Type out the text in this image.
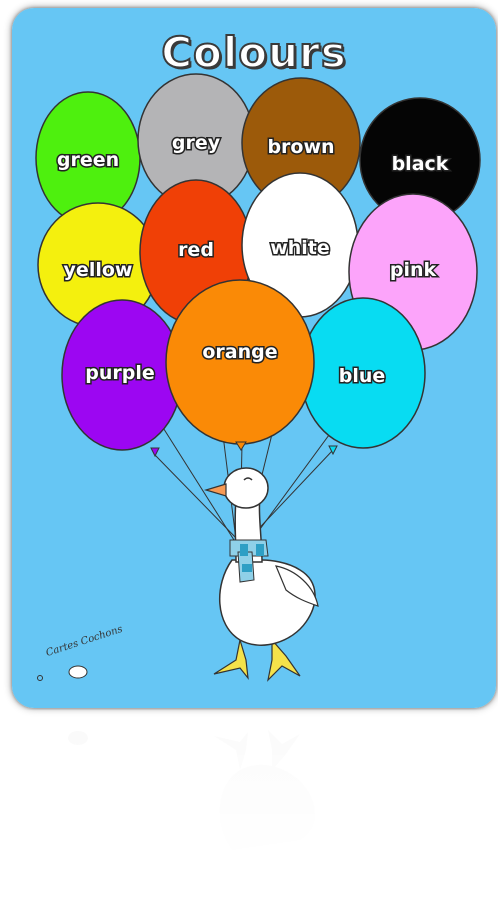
green
grey brown
black
yellow
red	white
pink
purple	blue
orange
Colours
Cartes Cochons
